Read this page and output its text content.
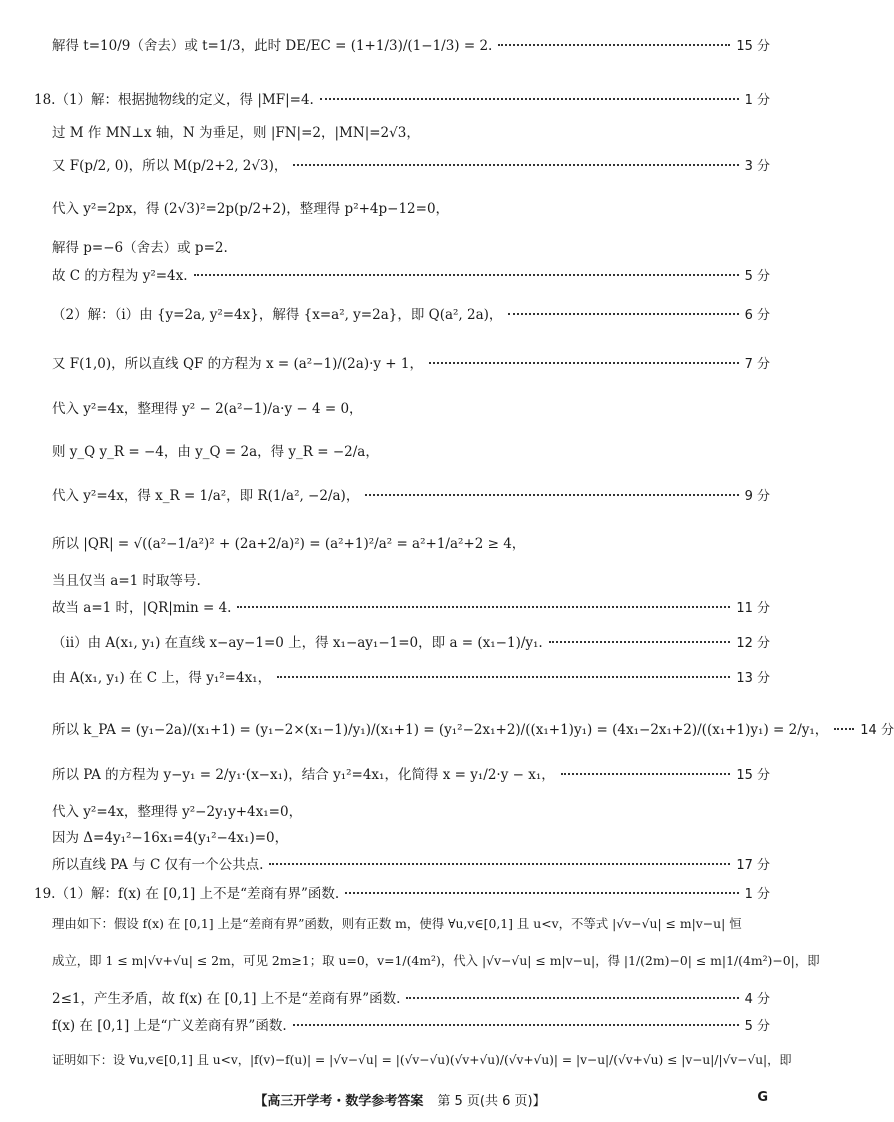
解得 t=10/9（舍去）或 t=1/3，此时 DE/EC = (1+1/3)/(1−1/3) = 2.	15 分
18.（1）解：根据抛物线的定义，得 |MF|=4.	1 分
过 M 作 MN⊥x 轴，N 为垂足，则 |FN|=2，|MN|=2√3，
又 F(p/2, 0)，所以 M(p/2+2, 2√3)，	3 分
代入 y²=2px，得 (2√3)²=2p(p/2+2)，整理得 p²+4p−12=0，
解得 p=−6（舍去）或 p=2.
故 C 的方程为 y²=4x.	5 分
（2）解：（i）由 {y=2a, y²=4x}，解得 {x=a², y=2a}，即 Q(a², 2a)，	6 分
又 F(1,0)，所以直线 QF 的方程为 x = (a²−1)/(2a)·y + 1，	7 分
代入 y²=4x，整理得 y² − 2(a²−1)/a·y − 4 = 0，
则 y_Q y_R = −4，由 y_Q = 2a，得 y_R = −2/a，
代入 y²=4x，得 x_R = 1/a²，即 R(1/a², −2/a)，	9 分
所以 |QR| = √((a²−1/a²)² + (2a+2/a)²) = (a²+1)²/a² = a²+1/a²+2 ≥ 4，
当且仅当 a=1 时取等号.
故当 a=1 时，|QR|min = 4.	11 分
（ii）由 A(x₁, y₁) 在直线 x−ay−1=0 上，得 x₁−ay₁−1=0，即 a = (x₁−1)/y₁.	12 分
由 A(x₁, y₁) 在 C 上，得 y₁²=4x₁，	13 分
所以 k_PA = (y₁−2a)/(x₁+1) = (y₁−2×(x₁−1)/y₁)/(x₁+1) = (y₁²−2x₁+2)/((x₁+1)y₁) = (4x₁−2x₁+2)/((x₁+1)y₁) = 2/y₁， 14 分
所以 PA 的方程为 y−y₁ = 2/y₁·(x−x₁)，结合 y₁²=4x₁，化简得 x = y₁/2·y − x₁，	15 分
代入 y²=4x，整理得 y²−2y₁y+4x₁=0，
因为 Δ=4y₁²−16x₁=4(y₁²−4x₁)=0，
所以直线 PA 与 C 仅有一个公共点.	17 分
19.（1）解：f(x) 在 [0,1] 上不是“差商有界”函数.	1 分
理由如下：假设 f(x) 在 [0,1] 上是“差商有界”函数，则有正数 m，使得 ∀u,v∈[0,1] 且 u<v，不等式 |√v−√u| ≤ m|v−u| 恒
成立，即 1 ≤ m|√v+√u| ≤ 2m，可见 2m≥1；取 u=0，v=1/(4m²)，代入 |√v−√u| ≤ m|v−u|，得 |1/(2m)−0| ≤ m|1/(4m²)−0|，即
2≤1，产生矛盾，故 f(x) 在 [0,1] 上不是“差商有界”函数.	4 分
f(x) 在 [0,1] 上是“广义差商有界”函数.	5 分
证明如下：设 ∀u,v∈[0,1] 且 u<v，|f(v)−f(u)| = |√v−√u| = |(√v−√u)(√v+√u)/(√v+√u)| = |v−u|/(√v+√u) ≤ |v−u|/|√v−√u|，即
【高三开学考・数学参考答案 第 5 页(共 6 页)】	G
